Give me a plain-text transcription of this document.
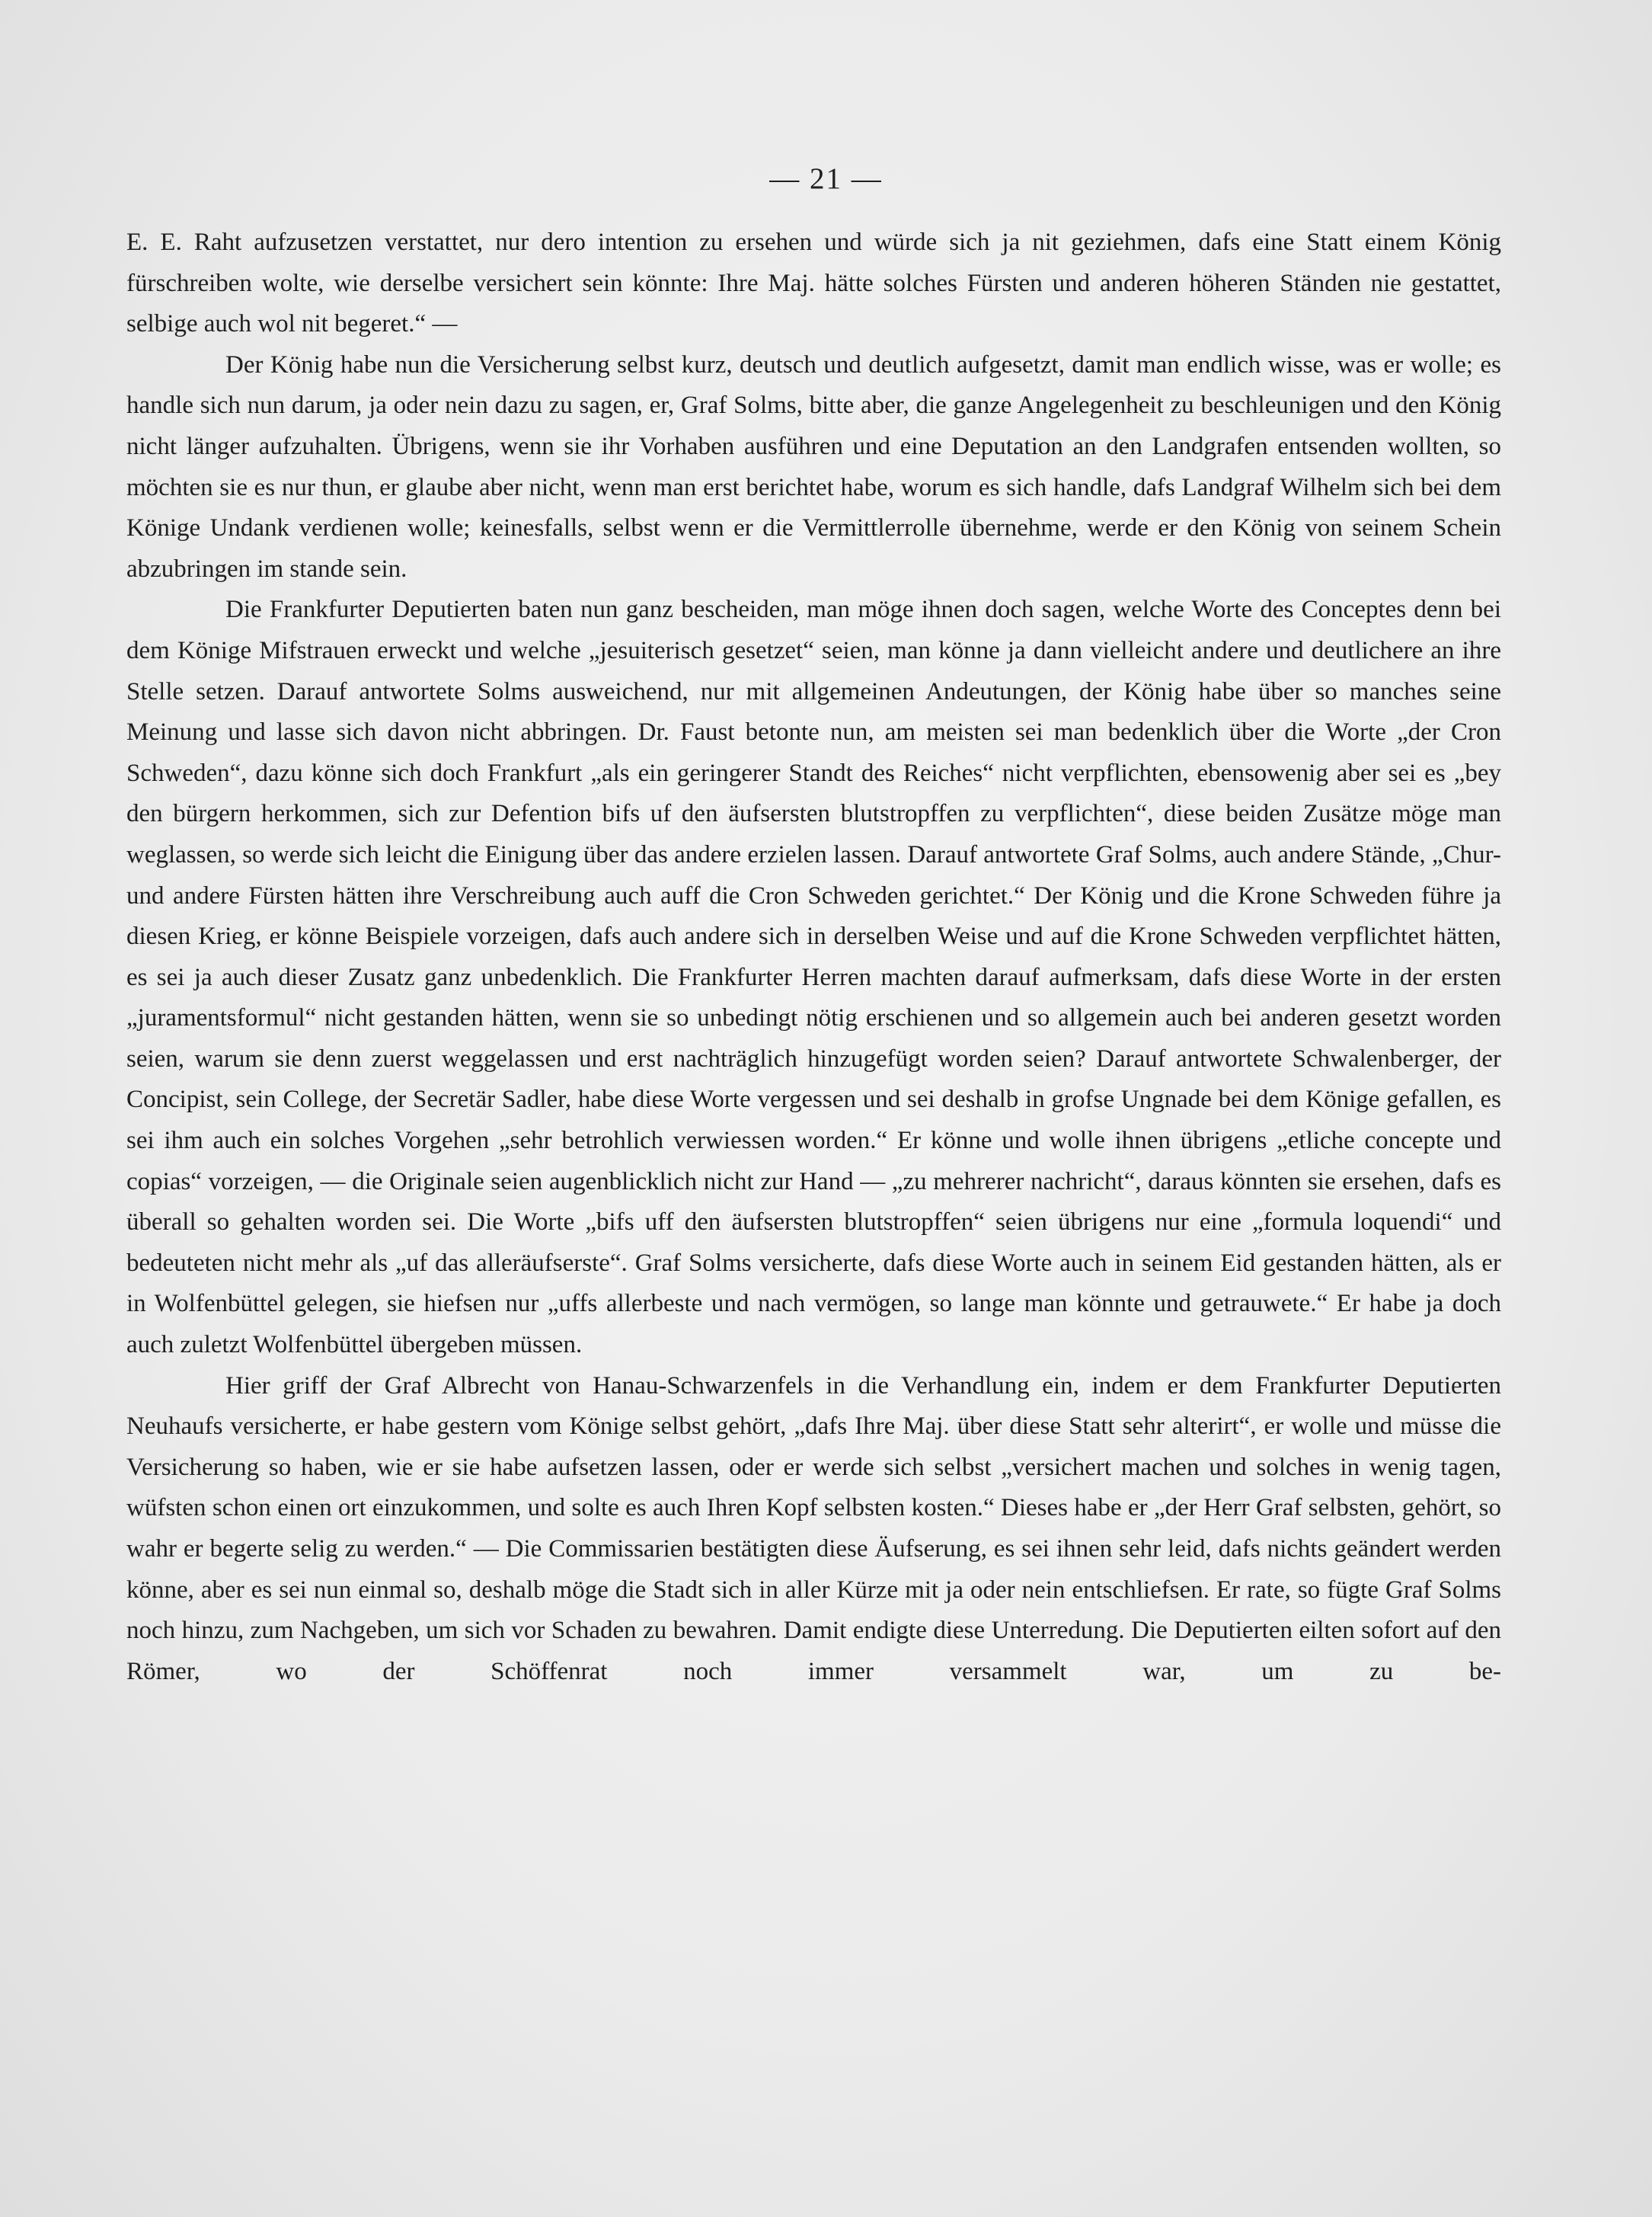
— 21 —

E. E. Raht aufzusetzen verstattet, nur dero intention zu ersehen und würde sich ja nit geziehmen, dafs eine Statt einem König fürschreiben wolte, wie derselbe versichert sein könnte: Ihre Maj. hätte solches Fürsten und anderen höheren Ständen nie gestattet, selbige auch wol nit begeret.“ —

Der König habe nun die Versicherung selbst kurz, deutsch und deutlich aufgesetzt, damit man endlich wisse, was er wolle; es handle sich nun darum, ja oder nein dazu zu sagen, er, Graf Solms, bitte aber, die ganze Angelegenheit zu beschleunigen und den König nicht länger aufzuhalten. Übrigens, wenn sie ihr Vorhaben ausführen und eine Deputation an den Landgrafen entsenden wollten, so möchten sie es nur thun, er glaube aber nicht, wenn man erst berichtet habe, worum es sich handle, dafs Landgraf Wilhelm sich bei dem Könige Undank verdienen wolle; keinesfalls, selbst wenn er die Vermittlerrolle übernehme, werde er den König von seinem Schein abzubringen im stande sein.

Die Frankfurter Deputierten baten nun ganz bescheiden, man möge ihnen doch sagen, welche Worte des Conceptes denn bei dem Könige Mifstrauen erweckt und welche „jesuiterisch gesetzet“ seien, man könne ja dann vielleicht andere und deutlichere an ihre Stelle setzen. Darauf antwortete Solms ausweichend, nur mit allgemeinen Andeutungen, der König habe über so manches seine Meinung und lasse sich davon nicht abbringen. Dr. Faust betonte nun, am meisten sei man bedenklich über die Worte „der Cron Schweden“, dazu könne sich doch Frankfurt „als ein geringerer Standt des Reiches“ nicht verpflichten, ebensowenig aber sei es „bey den bürgern herkommen, sich zur Defention bifs uf den äufsersten blutstropffen zu verpflichten“, diese beiden Zusätze möge man weglassen, so werde sich leicht die Einigung über das andere erzielen lassen. Darauf antwortete Graf Solms, auch andere Stände, „Chur- und andere Fürsten hätten ihre Verschreibung auch auff die Cron Schweden gerichtet.“ Der König und die Krone Schweden führe ja diesen Krieg, er könne Beispiele vorzeigen, dafs auch andere sich in derselben Weise und auf die Krone Schweden verpflichtet hätten, es sei ja auch dieser Zusatz ganz unbedenklich. Die Frankfurter Herren machten darauf aufmerksam, dafs diese Worte in der ersten „juramentsformul“ nicht gestanden hätten, wenn sie so unbedingt nötig erschienen und so allgemein auch bei anderen gesetzt worden seien, warum sie denn zuerst weggelassen und erst nachträglich hinzugefügt worden seien? Darauf antwortete Schwalenberger, der Concipist, sein College, der Secretär Sadler, habe diese Worte vergessen und sei deshalb in grofse Ungnade bei dem Könige gefallen, es sei ihm auch ein solches Vorgehen „sehr betrohlich verwiessen worden.“ Er könne und wolle ihnen übrigens „etliche concepte und copias“ vorzeigen, — die Originale seien augenblicklich nicht zur Hand — „zu mehrerer nachricht“, daraus könnten sie ersehen, dafs es überall so gehalten worden sei. Die Worte „bifs uff den äufsersten blutstropffen“ seien übrigens nur eine „formula loquendi“ und bedeuteten nicht mehr als „uf das alleräufserste“. Graf Solms versicherte, dafs diese Worte auch in seinem Eid gestanden hätten, als er in Wolfenbüttel gelegen, sie hiefsen nur „uffs allerbeste und nach vermögen, so lange man könnte und getrauwete.“ Er habe ja doch auch zuletzt Wolfenbüttel übergeben müssen.

Hier griff der Graf Albrecht von Hanau-Schwarzenfels in die Verhandlung ein, indem er dem Frankfurter Deputierten Neuhaufs versicherte, er habe gestern vom Könige selbst gehört, „dafs Ihre Maj. über diese Statt sehr alterirt“, er wolle und müsse die Versicherung so haben, wie er sie habe aufsetzen lassen, oder er werde sich selbst „versichert machen und solches in wenig tagen, wüfsten schon einen ort einzukommen, und solte es auch Ihren Kopf selbsten kosten.“ Dieses habe er „der Herr Graf selbsten, gehört, so wahr er begerte selig zu werden.“ — Die Commissarien bestätigten diese Äufserung, es sei ihnen sehr leid, dafs nichts geändert werden könne, aber es sei nun einmal so, deshalb möge die Stadt sich in aller Kürze mit ja oder nein entschliefsen. Er rate, so fügte Graf Solms noch hinzu, zum Nachgeben, um sich vor Schaden zu bewahren. Damit endigte diese Unterredung. Die Deputierten eilten sofort auf den Römer, wo der Schöffenrat noch immer versammelt war, um zu be-
